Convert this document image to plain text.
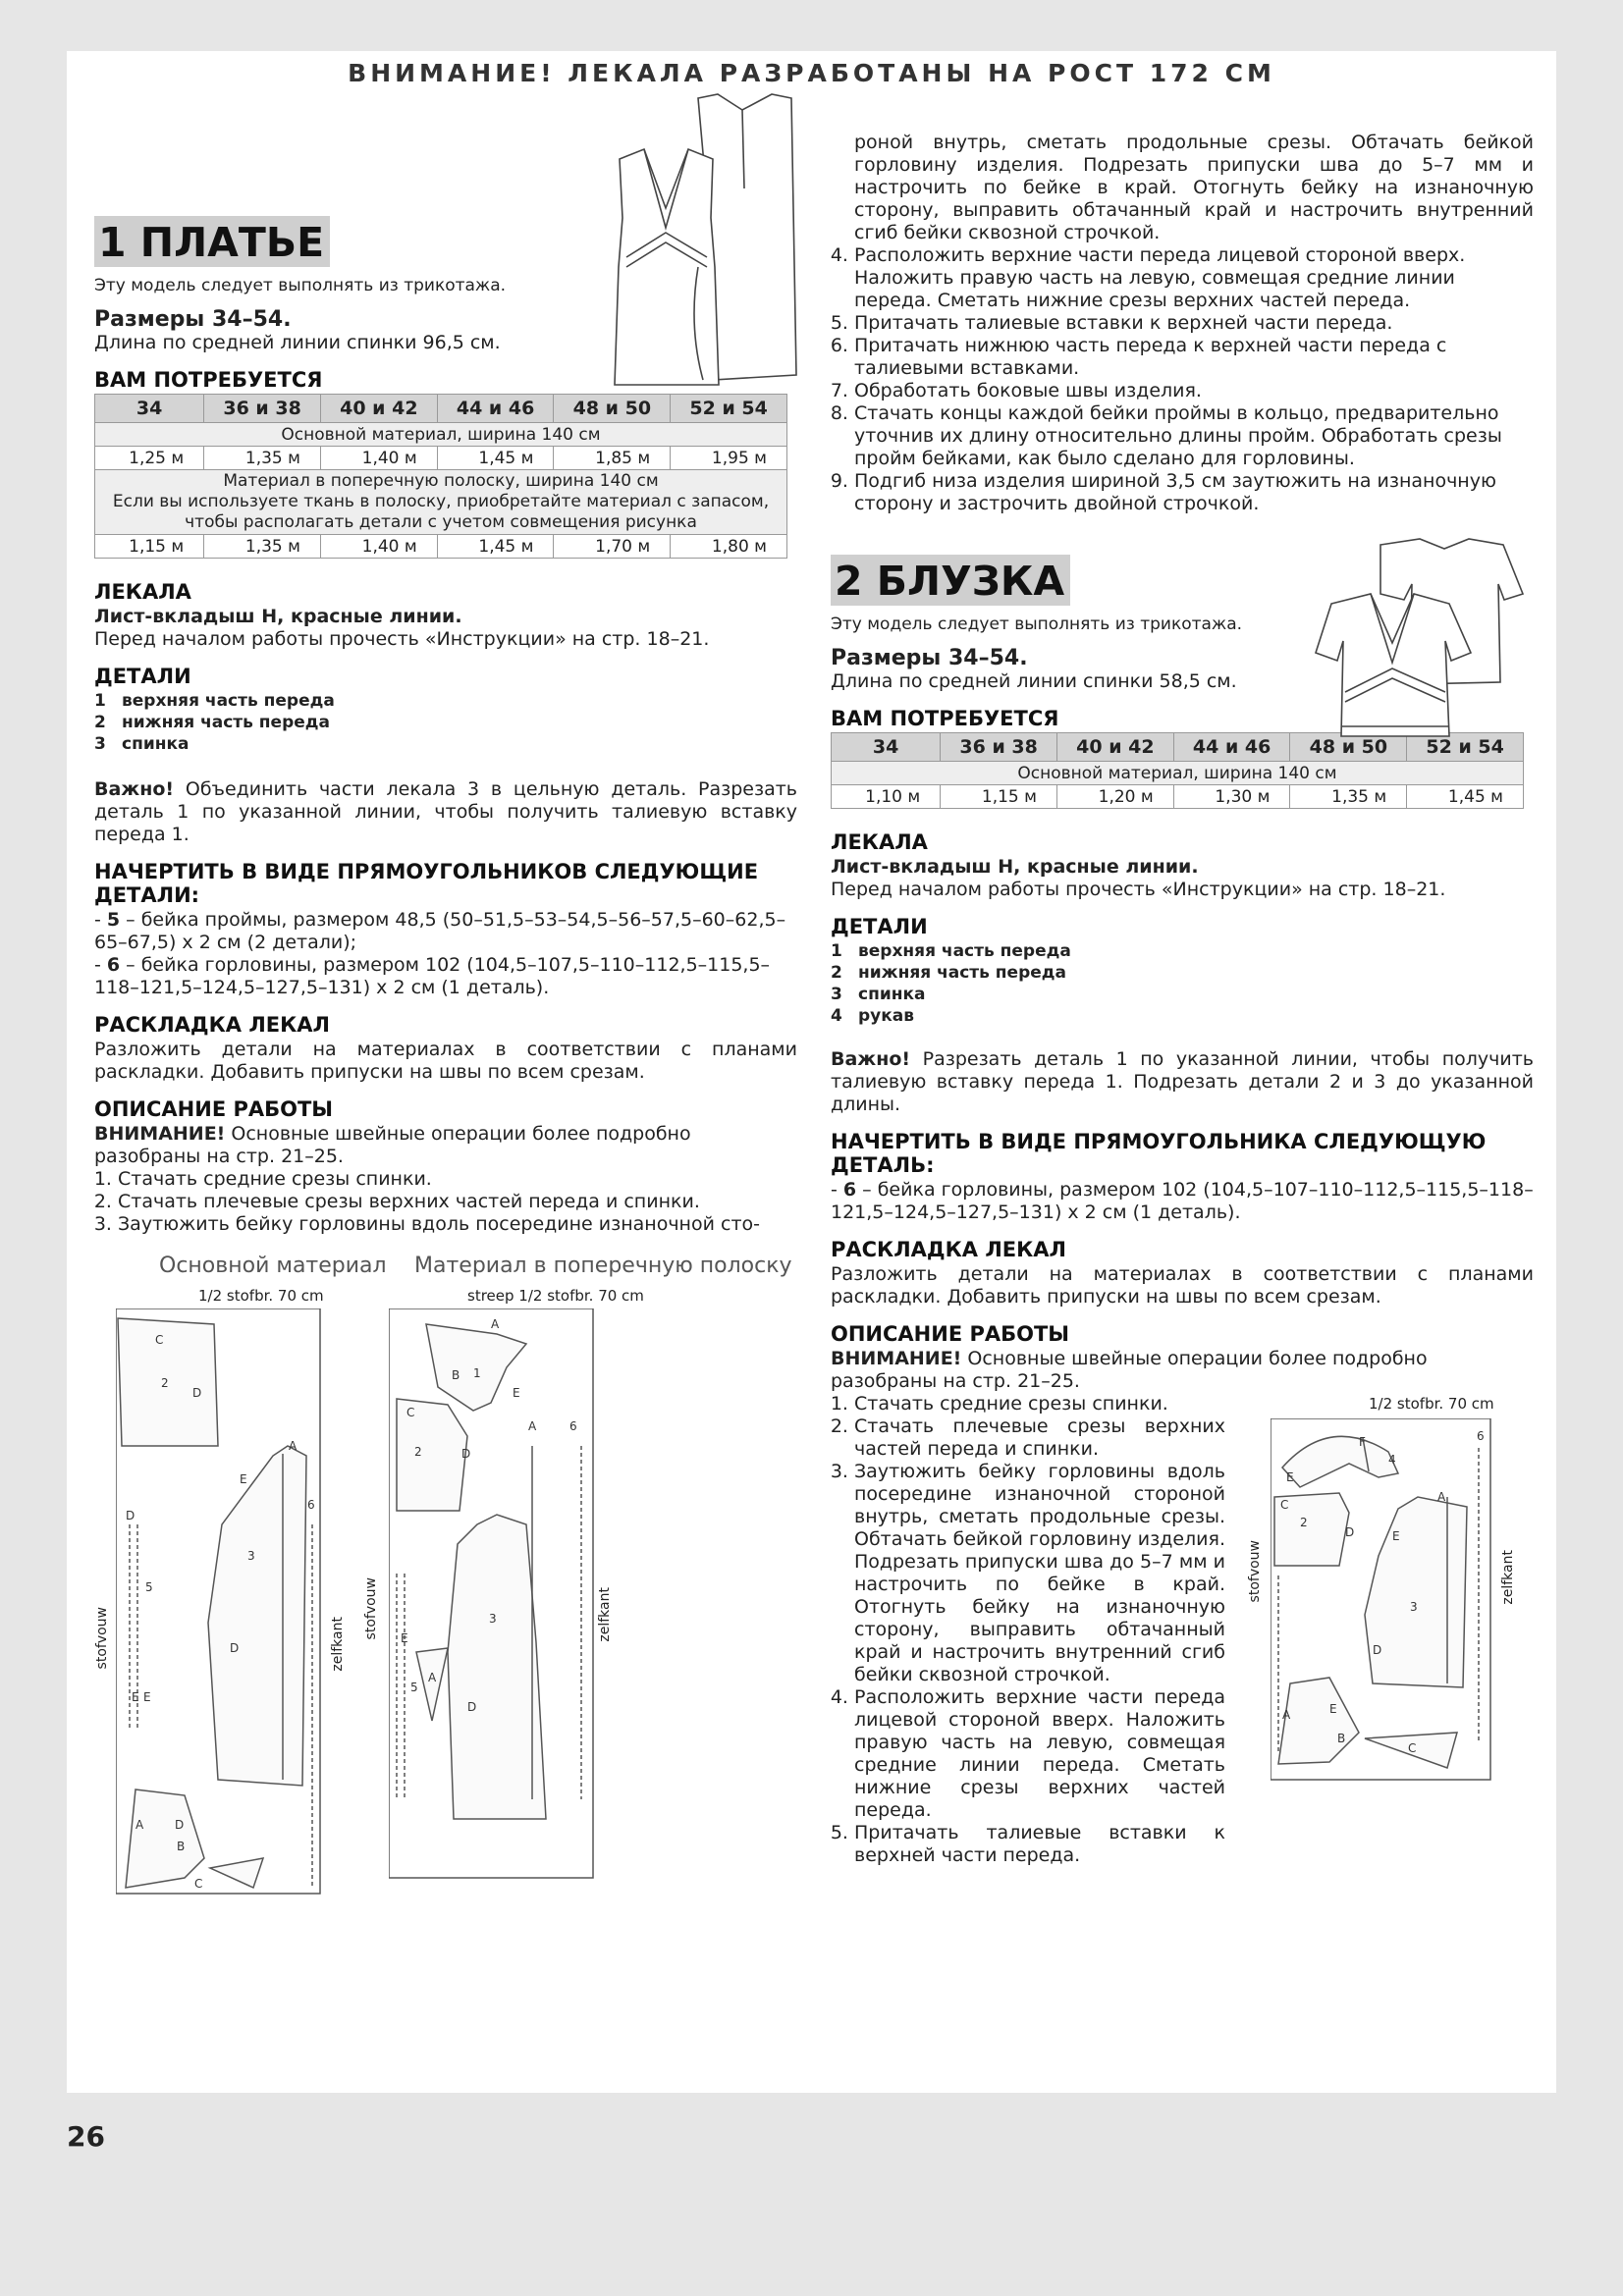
ВНИМАНИЕ! ЛЕКАЛА РАЗРАБОТАНЫ НА РОСТ 172 СМ
1 ПЛАТЬЕ

Эту модель следует выполнять из трикотажа.

Размеры 34–54.

Длина по средней линии спинки 96,5 см.

ВАМ ПОТРЕБУЕТСЯ

34	36 и 38	40 и 42	44 и 46	48 и 50	52 и 54
Основной материал, ширина 140 см					
1,25 м	1,35 м	1,40 м	1,45 м	1,85 м	1,95 м

Материал в поперечную полоску, ширина 140 см
Если вы используете ткань в полоску, приобретайте материал с запасом,
чтобы располагать детали с учетом совмещения рисунка					

1,15 м	1,35 м	1,40 м	1,45 м	1,70 м	1,80 м

ЛЕКАЛА

Лист-вкладыш Н, красные линии.

Перед началом работы прочесть «Инструкции» на стр. 18–21.

ДЕТАЛИ

1 верхняя часть переда
2 нижняя часть переда
3 спинка

Важно! Объединить части лекала 3 в цельную деталь. Разрезать деталь 1 по указанной линии, чтобы получить талиевую вставку переда 1.

НАЧЕРТИТЬ В ВИДЕ ПРЯМОУГОЛЬНИКОВ СЛЕДУЮЩИЕ ДЕТАЛИ:

- 5 – бейка проймы, размером 48,5 (50–51,5–53–54,5–56–57,5–60–62,5–65–67,5) х 2 см (2 детали);

- 6 – бейка горловины, размером 102 (104,5–107,5–110–112,5–115,5–118–121,5–124,5–127,5–131) х 2 см (1 деталь).

РАСКЛАДКА ЛЕКАЛ

Разложить детали на материалах в соответствии с планами раскладки. Добавить припуски на швы по всем срезам.

ОПИСАНИЕ РАБОТЫ

ВНИМАНИЕ! Основные швейные операции более подробно разобраны на стр. 21–25.

1. Стачать средние срезы спинки.
2. Стачать плечевые срезы верхних частей переда и спинки.
3. Заутюжить бейку горловины вдоль посередине изнаночной сто-
Основной материал Материал в поперечную полоску
1/2 stofbr. 70 cm	streep 1/2 stofbr. 70 cm
C
2
D
E
3
D
A
6
D
5
E E
A	D
B
C
stofvouw	zelfkant
A
B 1
E
2	D
C
A
3
D
6
E
5
A
stofvouw	zelfkant

роной внутрь, сметать продольные срезы. Обтачать бейкой горловину изделия. Подрезать припуски шва до 5–7 мм и настрочить по бейке в край. Отогнуть бейку на изнаночную сторону, выправить обтачанный край и настрочить внутренний сгиб бейки сквозной строчкой.

4. Расположить верхние части переда лицевой стороной вверх. Наложить правую часть на левую, совмещая средние линии переда. Сметать нижние срезы верхних частей переда.
5. Притачать талиевые вставки к верхней части переда.
6. Притачать нижнюю часть переда к верхней части переда с талиевыми вставками.
7. Обработать боковые швы изделия.
8. Стачать концы каждой бейки проймы в кольцо, предварительно уточнив их длину относительно длины пройм. Обработать срезы пройм бейками, как было сделано для горловины.
9. Подгиб низа изделия шириной 3,5 см заутюжить на изнаночную сторону и застрочить двойной строчкой.
2 БЛУЗКА

Эту модель следует выполнять из трикотажа.

Размеры 34–54.

Длина по средней линии спинки 58,5 см.

ВАМ ПОТРЕБУЕТСЯ

34	36 и 38	40 и 42	44 и 46	48 и 50	52 и 54
Основной материал, ширина 140 см					
1,10 м	1,15 м	1,20 м	1,30 м	1,35 м	1,45 м

ЛЕКАЛА

Лист-вкладыш Н, красные линии.

Перед началом работы прочесть «Инструкции» на стр. 18–21.

ДЕТАЛИ

1 верхняя часть переда
2 нижняя часть переда
3 спинка
4 рукав

Важно! Разрезать деталь 1 по указанной линии, чтобы получить талиевую вставку переда 1. Подрезать детали 2 и 3 до указанной длины.

НАЧЕРТИТЬ В ВИДЕ ПРЯМОУГОЛЬНИКА СЛЕДУЮЩУЮ ДЕТАЛЬ:

- 6 – бейка горловины, размером 102 (104,5–107–110–112,5–115,5–118–121,5–124,5–127,5–131) х 2 см (1 деталь).

РАСКЛАДКА ЛЕКАЛ

Разложить детали на материалах в соответствии с планами раскладки. Добавить припуски на швы по всем срезам.

ОПИСАНИЕ РАБОТЫ

ВНИМАНИЕ! Основные швейные операции более подробно разобраны на стр. 21–25.

1. Стачать средние срезы спинки.
2. Стачать плечевые срезы верхних частей переда и спинки.
3. Заутюжить бейку горловины вдоль посередине изнаночной стороной внутрь, сметать продольные срезы. Обтачать бейкой горловину изделия. Подрезать припуски шва до 5–7 мм и настрочить по бейке в край. Отогнуть бейку на изнаночную сторону, выправить обтачанный край и настрочить внутренний сгиб бейки сквозной строчкой.
4. Расположить верхние части переда лицевой стороной вверх. Наложить правую часть на левую, совмещая средние линии переда. Сметать нижние срезы верхних частей переда.
5. Притачать талиевые вставки к верхней части переда.
1/2 stofbr. 70 cm
F
4
E
6
C
2
D
A
E
3
D
A	E
B
C
stofvouw	zelfkant
26
